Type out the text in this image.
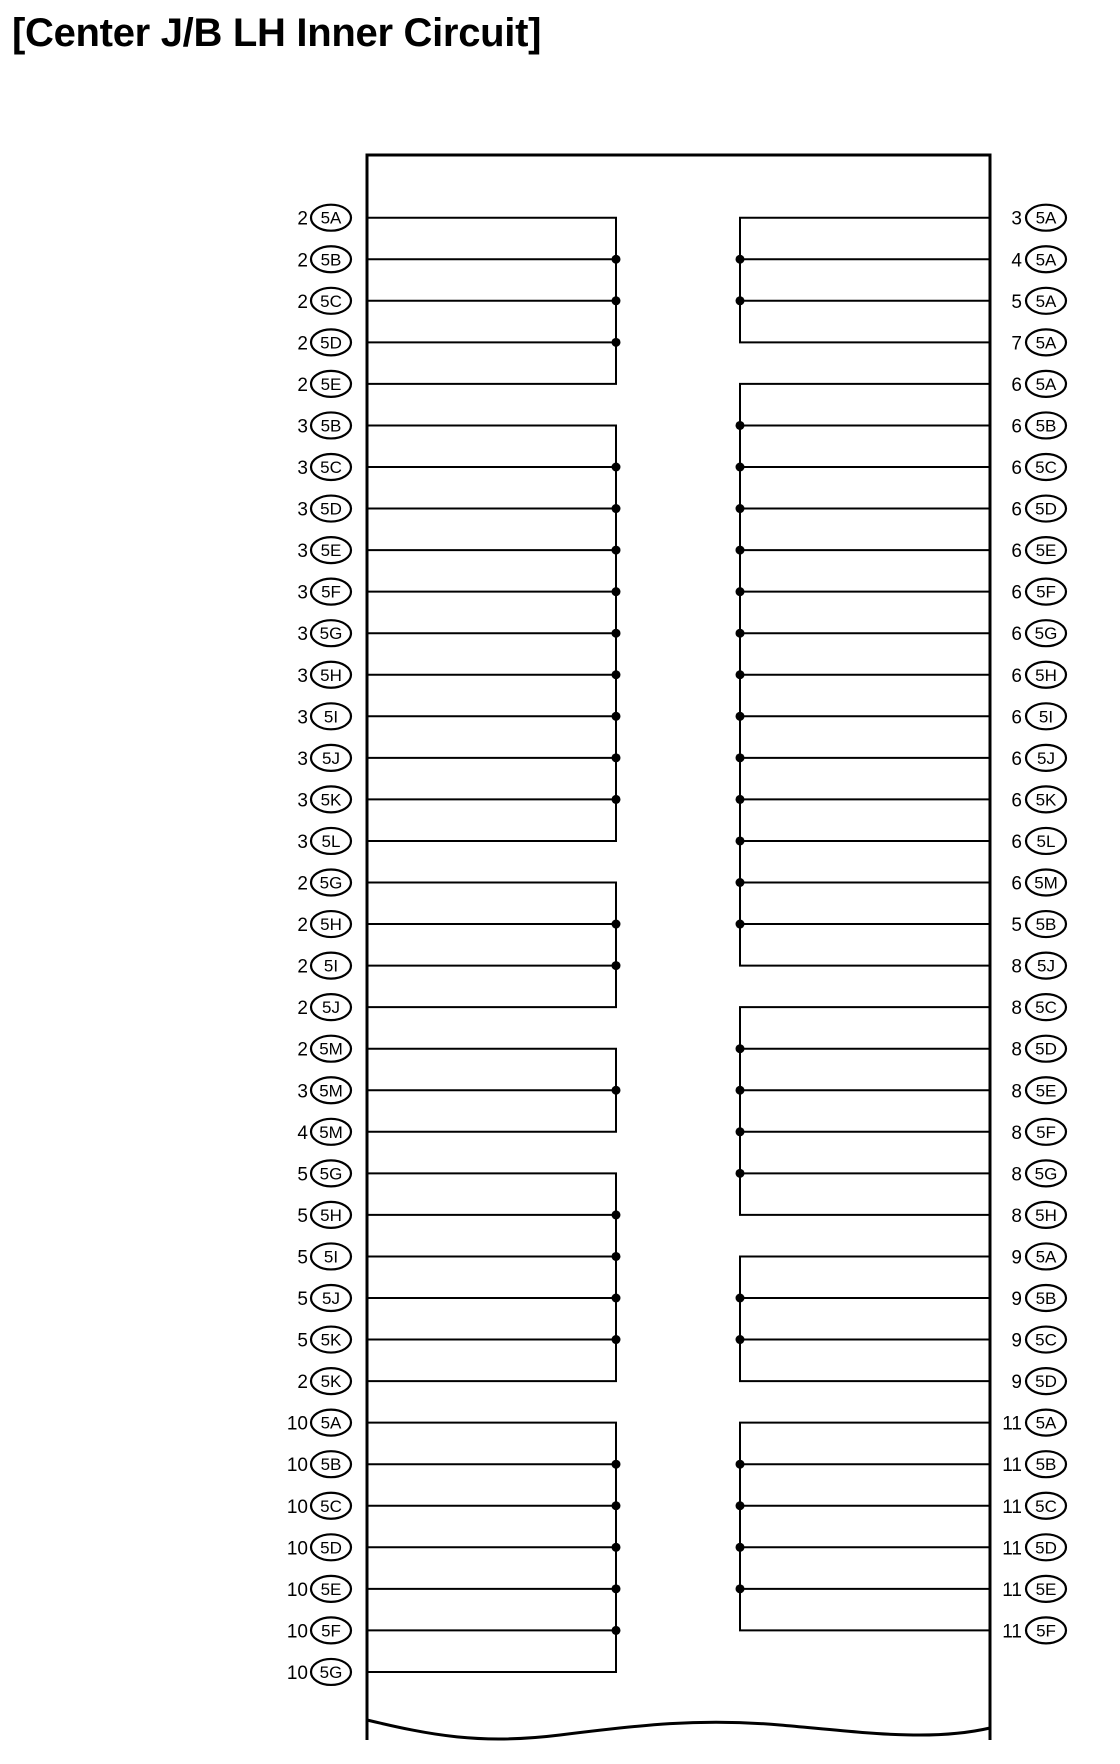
[Center J/B LH Inner Circuit]
2 5A
2 5B
2 5C
2 5D
2 5E
3 5B
3 5C
3 5D
3 5E
3 5F
3 5G
3 5H
3 5I
3 5J
3 5K
3 5L
2 5G
2 5H
2 5I
2 5J
2 5M
3 5M
4 5M
5 5G
5 5H
5 5I
5 5J
5 5K
2 5K
10 5A
10 5B
10 5C
10 5D
10 5E
10 5F
10 5G
3 5A
4 5A
5 5A
7 5A
6 5A
6 5B
6 5C
6 5D
6 5E
6 5F
6 5G
6 5H
6 5I
6 5J
6 5K
6 5L
6 5M
5 5B
8 5J
8 5C
8 5D
8 5E
8 5F
8 5G
8 5H
9 5A
9 5B
9 5C
9 5D
11 5A
11 5B
11 5C
11 5D
11 5E
11 5F
